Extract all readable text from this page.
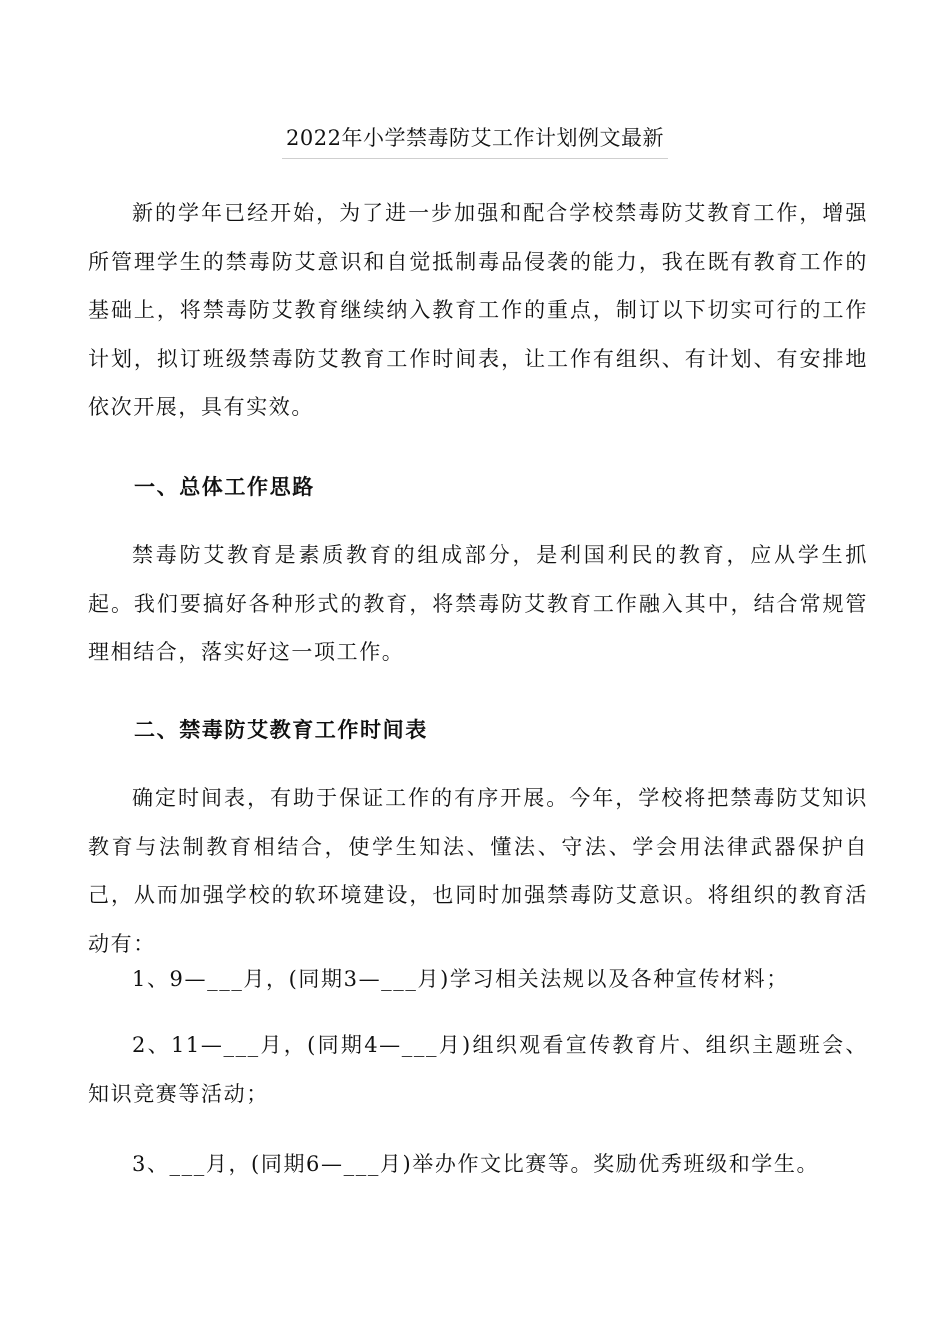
2022年小学禁毒防艾工作计划例文最新

新的学年已经开始，为了进一步加强和配合学校禁毒防艾教育工作，增强所管理学生的禁毒防艾意识和自觉抵制毒品侵袭的能力，我在既有教育工作的基础上，将禁毒防艾教育继续纳入教育工作的重点，制订以下切实可行的工作计划，拟订班级禁毒防艾教育工作时间表，让工作有组织、有计划、有安排地依次开展，具有实效。

一、总体工作思路

禁毒防艾教育是素质教育的组成部分，是利国利民的教育，应从学生抓起。我们要搞好各种形式的教育，将禁毒防艾教育工作融入其中，结合常规管理相结合，落实好这一项工作。

二、禁毒防艾教育工作时间表

确定时间表，有助于保证工作的有序开展。今年，学校将把禁毒防艾知识教育与法制教育相结合，使学生知法、懂法、守法、学会用法律武器保护自己，从而加强学校的软环境建设，也同时加强禁毒防艾意识。将组织的教育活动有：

1、9—___月，(同期3—___月)学习相关法规以及各种宣传材料；

2、11—___月，(同期4—___月)组织观看宣传教育片、组织主题班会、知识竞赛等活动；

3、___月，(同期6—___月)举办作文比赛等。奖励优秀班级和学生。
